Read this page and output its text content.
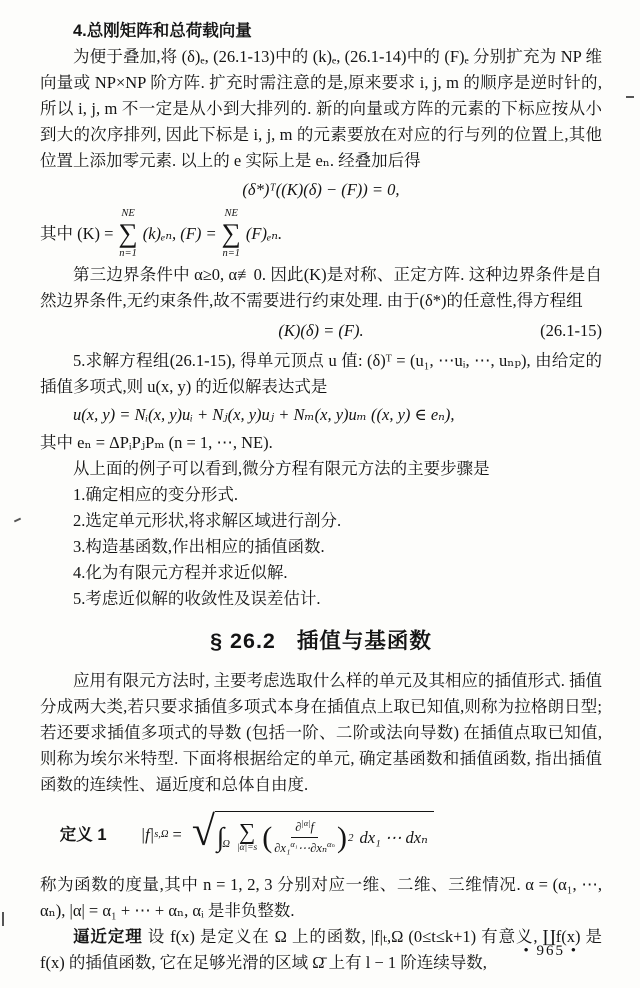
4.总刚矩阵和总荷载向量

为便于叠加,将 (δ)ₑ, (26.1-13)中的 (k)ₑ, (26.1-14)中的 (F)ₑ 分别扩充为 NP 维向量或 NP×NP 阶方阵. 扩充时需注意的是,原来要求 i, j, m 的顺序是逆时针的,所以 i, j, m 不一定是从小到大排列的. 新的向量或方阵的元素的下标应按从小到大的次序排列, 因此下标是 i, j, m 的元素要放在对应的行与列的位置上,其他位置上添加零元素. 以上的 e 实际上是 eₙ. 经叠加后得

(δ*)ᵀ((K)(δ) − (F)) = 0,
其中 (K) =
NE
∑
n=1
(k)ₑₙ, (F) =
NE
∑
n=1
(F)ₑₙ.

第三边界条件中 α≥0, α≢0. 因此(K)是对称、正定方阵. 这种边界条件是自然边界条件,无约束条件,故不需要进行约束处理. 由于(δ*)的任意性,得方程组

(K)(δ) = (F).	(26.1-15)

5.求解方程组(26.1-15), 得单元顶点 u 值: (δ)ᵀ = (u₁, ⋯uᵢ, ⋯, uₙₚ), 由给定的插值多项式,则 u(x, y) 的近似解表达式是

u(x, y) = Nᵢ(x, y)uᵢ + Nⱼ(x, y)uⱼ + Nₘ(x, y)uₘ ((x, y) ∈ eₙ),
其中 eₙ = ΔPᵢPⱼPₘ (n = 1, ⋯, NE).

从上面的例子可以看到,微分方程有限元方法的主要步骤是

1.确定相应的变分形式.
2.选定单元形状,将求解区域进行剖分.
3.构造基函数,作出相应的插值函数.
4.化为有限元方程并求近似解.
5.考虑近似解的收敛性及误差估计.
§ 26.2 插值与基函数

应用有限元方法时, 主要考虑选取什么样的单元及其相应的插值形式. 插值分成两大类,若只要求插值多项式本身在插值点上取已知值,则称为拉格朗日型;若还要求插值多项式的导数 (包括一阶、二阶或法向导数) 在插值点取已知值,则称为埃尔米特型. 下面将根据给定的单元, 确定基函数和插值函数, 指出插值函数的连续性、逼近度和总体自由度.

定义 1 |f| s,Ω = √ ∫
$_\Omega$ ∑
|α|=s ( $\frac{\partial^{|\alpha|}f}{\partial x_1^{\alpha_1}\cdots\partial x_n^{\alpha_n}}$ ) 2 dx₁ ⋯ dxₙ

称为函数的度量,其中 n = 1, 2, 3 分别对应一维、二维、三维情况. α = (α₁, ⋯, αₙ), |α| = α₁ + ⋯ + αₙ, αᵢ 是非负整数.

逼近定理 设 f(x) 是定义在 Ω 上的函数, |f|ₜ,Ω (0≤t≤k+1) 有意义, ∐f(x) 是 f(x) 的插值函数, 它在足够光滑的区域 Ω̄ 上有 l − 1 阶连续导数,

• 965 •
